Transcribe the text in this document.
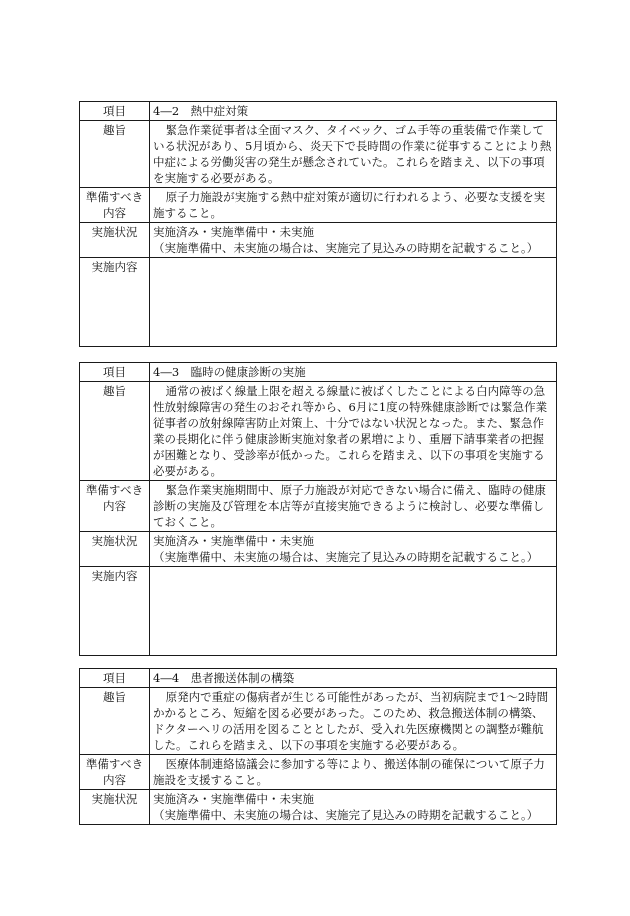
項目	4―2　熱中症対策
趣旨	緊急作業従事者は全面マスク、タイベック、ゴム手等の重装備で作業している状況があり、5月頃から、炎天下で長時間の作業に従事することにより熱中症による労働災害の発生が懸念されていた。これらを踏まえ、以下の事項を実施する必要がある。
準備すべき内容	原子力施設が実施する熱中症対策が適切に行われるよう、必要な支援を実施すること。
実施状況	実施済み・実施準備中・未実施
（実施準備中、未実施の場合は、実施完了見込みの時期を記載すること。）

実施内容	
項目	4―3　臨時の健康診断の実施
趣旨	通常の被ばく線量上限を超える線量に被ばくしたことによる白内障等の急性放射線障害の発生のおそれ等から、6月に1度の特殊健康診断では緊急作業従事者の放射線障害防止対策上、十分ではない状況となった。また、緊急作業の長期化に伴う健康診断実施対象者の累増により、重層下請事業者の把握が困難となり、受診率が低かった。これらを踏まえ、以下の事項を実施する必要がある。
準備すべき内容	緊急作業実施期間中、原子力施設が対応できない場合に備え、臨時の健康診断の実施及び管理を本店等が直接実施できるように検討し、必要な準備しておくこと。
実施状況	実施済み・実施準備中・未実施
（実施準備中、未実施の場合は、実施完了見込みの時期を記載すること。）

実施内容	
項目	4―4　患者搬送体制の構築
趣旨	原発内で重症の傷病者が生じる可能性があったが、当初病院まで1～2時間かかるところ、短縮を図る必要があった。このため、救急搬送体制の構築、ドクターヘリの活用を図ることとしたが、受入れ先医療機関との調整が難航した。これらを踏まえ、以下の事項を実施する必要がある。
準備すべき内容	医療体制連絡協議会に参加する等により、搬送体制の確保について原子力施設を支援すること。
実施状況	実施済み・実施準備中・未実施
（実施準備中、未実施の場合は、実施完了見込みの時期を記載すること。）
